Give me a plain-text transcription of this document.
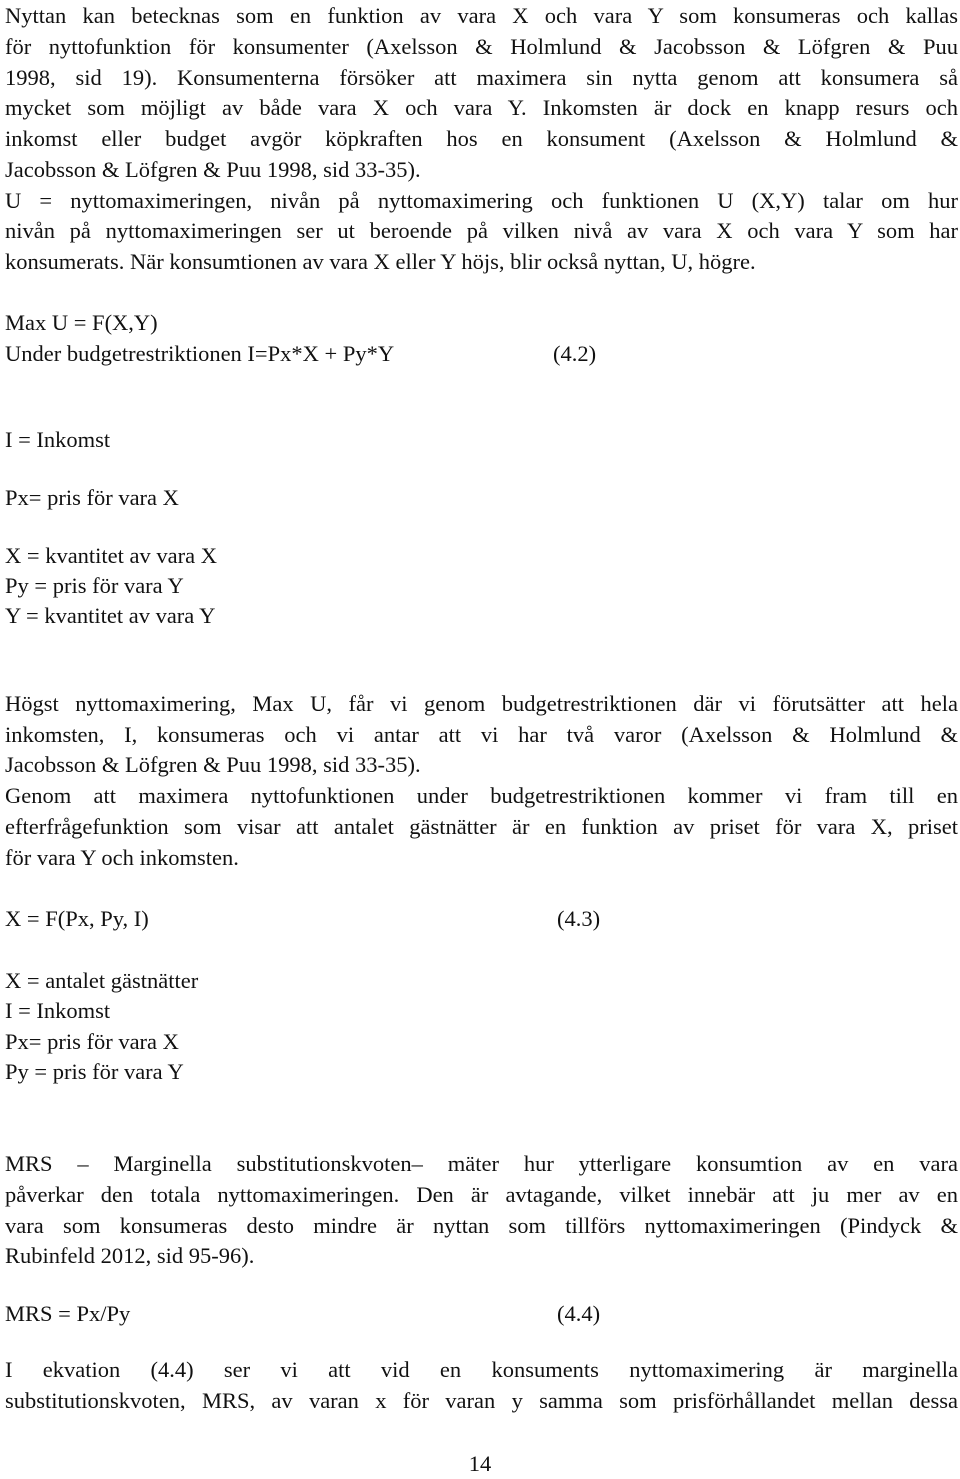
Nyttan kan betecknas som en funktion av vara X och vara Y som konsumeras och kallas
för nyttofunktion för konsumenter (Axelsson & Holmlund & Jacobsson & Löfgren & Puu
1998, sid 19). Konsumenterna försöker att maximera sin nytta genom att konsumera så
mycket som möjligt av både vara X och vara Y. Inkomsten är dock en knapp resurs och
inkomst eller budget avgör köpkraften hos en konsument (Axelsson & Holmlund &
Jacobsson & Löfgren & Puu 1998, sid 33-35).
U = nyttomaximeringen, nivån på nyttomaximering och funktionen U (X,Y) talar om hur
nivån på nyttomaximeringen ser ut beroende på vilken nivå av vara X och vara Y som har
konsumerats. När konsumtionen av vara X eller Y höjs, blir också nyttan, U, högre.
Max U = F(X,Y)
Under budgetrestriktionen I=Px*X + Py*Y	(4.2)
I = Inkomst
Px= pris för vara X
X = kvantitet av vara X
Py = pris för vara Y
Y = kvantitet av vara Y
Högst nyttomaximering, Max U, får vi genom budgetrestriktionen där vi förutsätter att hela
inkomsten, I, konsumeras och vi antar att vi har två varor (Axelsson & Holmlund &
Jacobsson & Löfgren & Puu 1998, sid 33-35).
Genom att maximera nyttofunktionen under budgetrestriktionen kommer vi fram till en
efterfrågefunktion som visar att antalet gästnätter är en funktion av priset för vara X, priset
för vara Y och inkomsten.
X = F(Px, Py, I)	(4.3)
X = antalet gästnätter
I = Inkomst
Px= pris för vara X
Py = pris för vara Y
MRS – Marginella substitutionskvoten– mäter hur ytterligare konsumtion av en vara
påverkar den totala nyttomaximeringen. Den är avtagande, vilket innebär att ju mer av en
vara som konsumeras desto mindre är nyttan som tillförs nyttomaximeringen (Pindyck &
Rubinfeld 2012, sid 95-96).
MRS = Px/Py	(4.4)
I ekvation (4.4) ser vi att vid en konsuments nyttomaximering är marginella
substitutionskvoten, MRS, av varan x för varan y samma som prisförhållandet mellan dessa
14
